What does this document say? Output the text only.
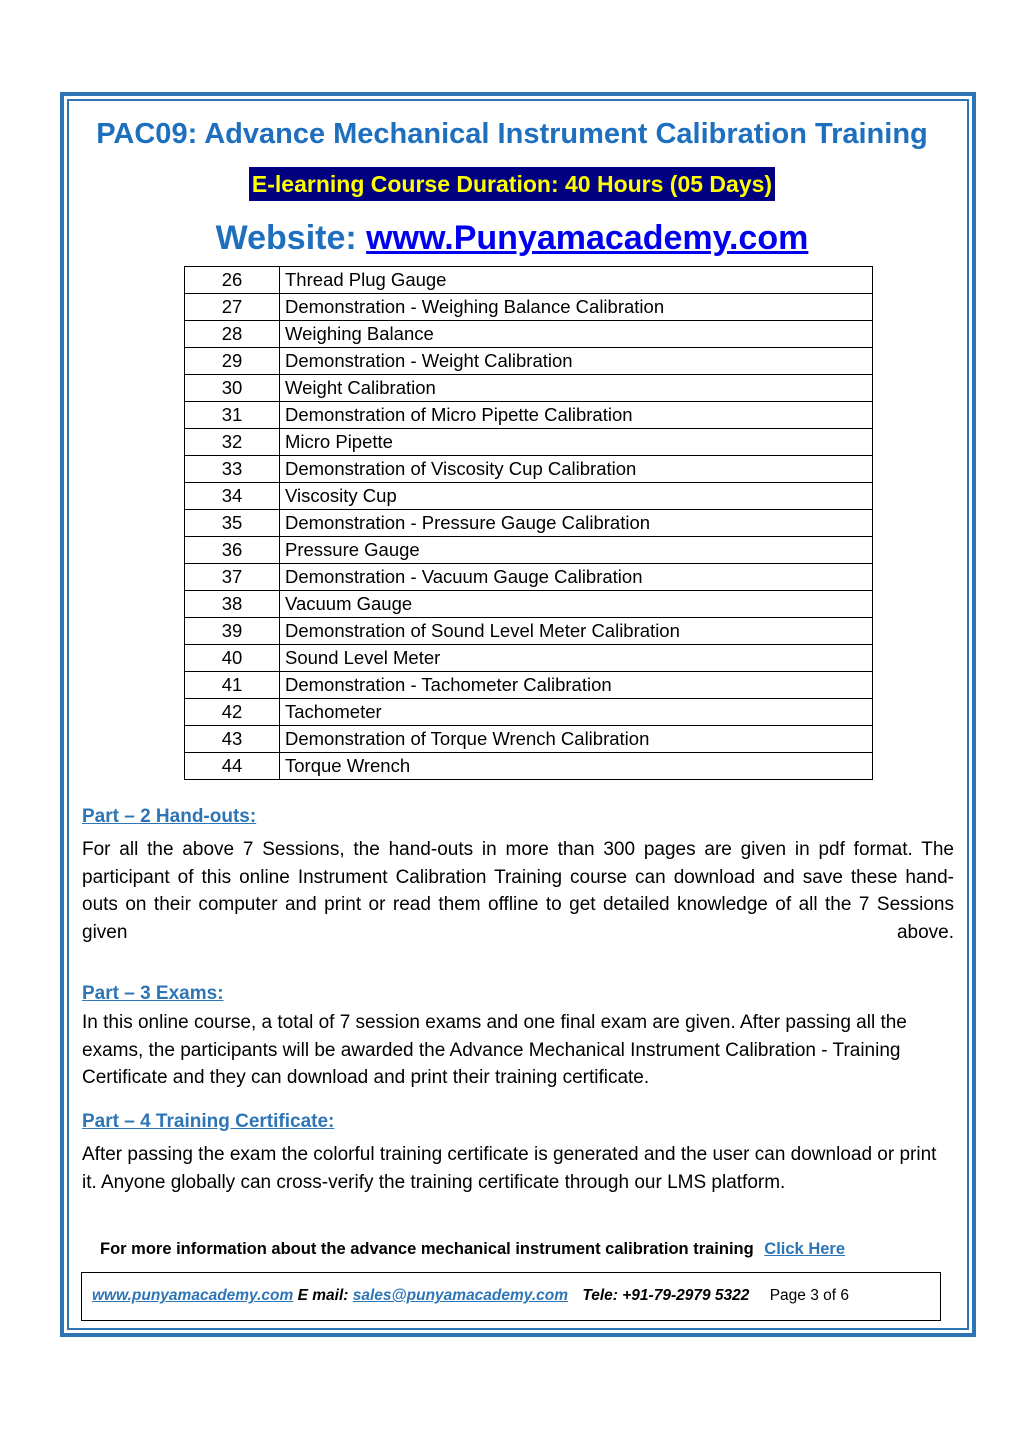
PAC09: Advance Mechanical Instrument Calibration Training
E-learning Course Duration: 40 Hours (05 Days)
Website: www.Punyamacademy.com
26	Thread Plug Gauge
27	Demonstration - Weighing Balance Calibration
28	Weighing Balance
29	Demonstration - Weight Calibration
30	Weight Calibration
31	Demonstration of Micro Pipette Calibration
32	Micro Pipette
33	Demonstration of Viscosity Cup Calibration
34	Viscosity Cup
35	Demonstration - Pressure Gauge Calibration
36	Pressure Gauge
37	Demonstration - Vacuum Gauge Calibration
38	Vacuum Gauge
39	Demonstration of Sound Level Meter Calibration
40	Sound Level Meter
41	Demonstration - Tachometer Calibration
42	Tachometer
43	Demonstration of Torque Wrench Calibration
44	Torque Wrench
Part – 2 Hand-outs:

For all the above 7 Sessions, the hand-outs in more than 300 pages are given in pdf format. The participant of this online Instrument Calibration Training course can download and save these hand-outs on their computer and print or read them offline to get detailed knowledge of all the 7 Sessions given above.

Part – 3 Exams:

In this online course, a total of 7 session exams and one final exam are given. After passing all the exams, the participants will be awarded the Advance Mechanical Instrument Calibration - Training Certificate and they can download and print their training certificate.

Part – 4 Training Certificate:

After passing the exam the colorful training certificate is generated and the user can download or print it. Anyone globally can cross-verify the training certificate through our LMS platform.

For more information about the advance mechanical instrument calibration training Click Here
www.punyamacademy.com E mail: sales@punyamacademy.com Tele: +91-79-2979 5322 Page 3 of 6
